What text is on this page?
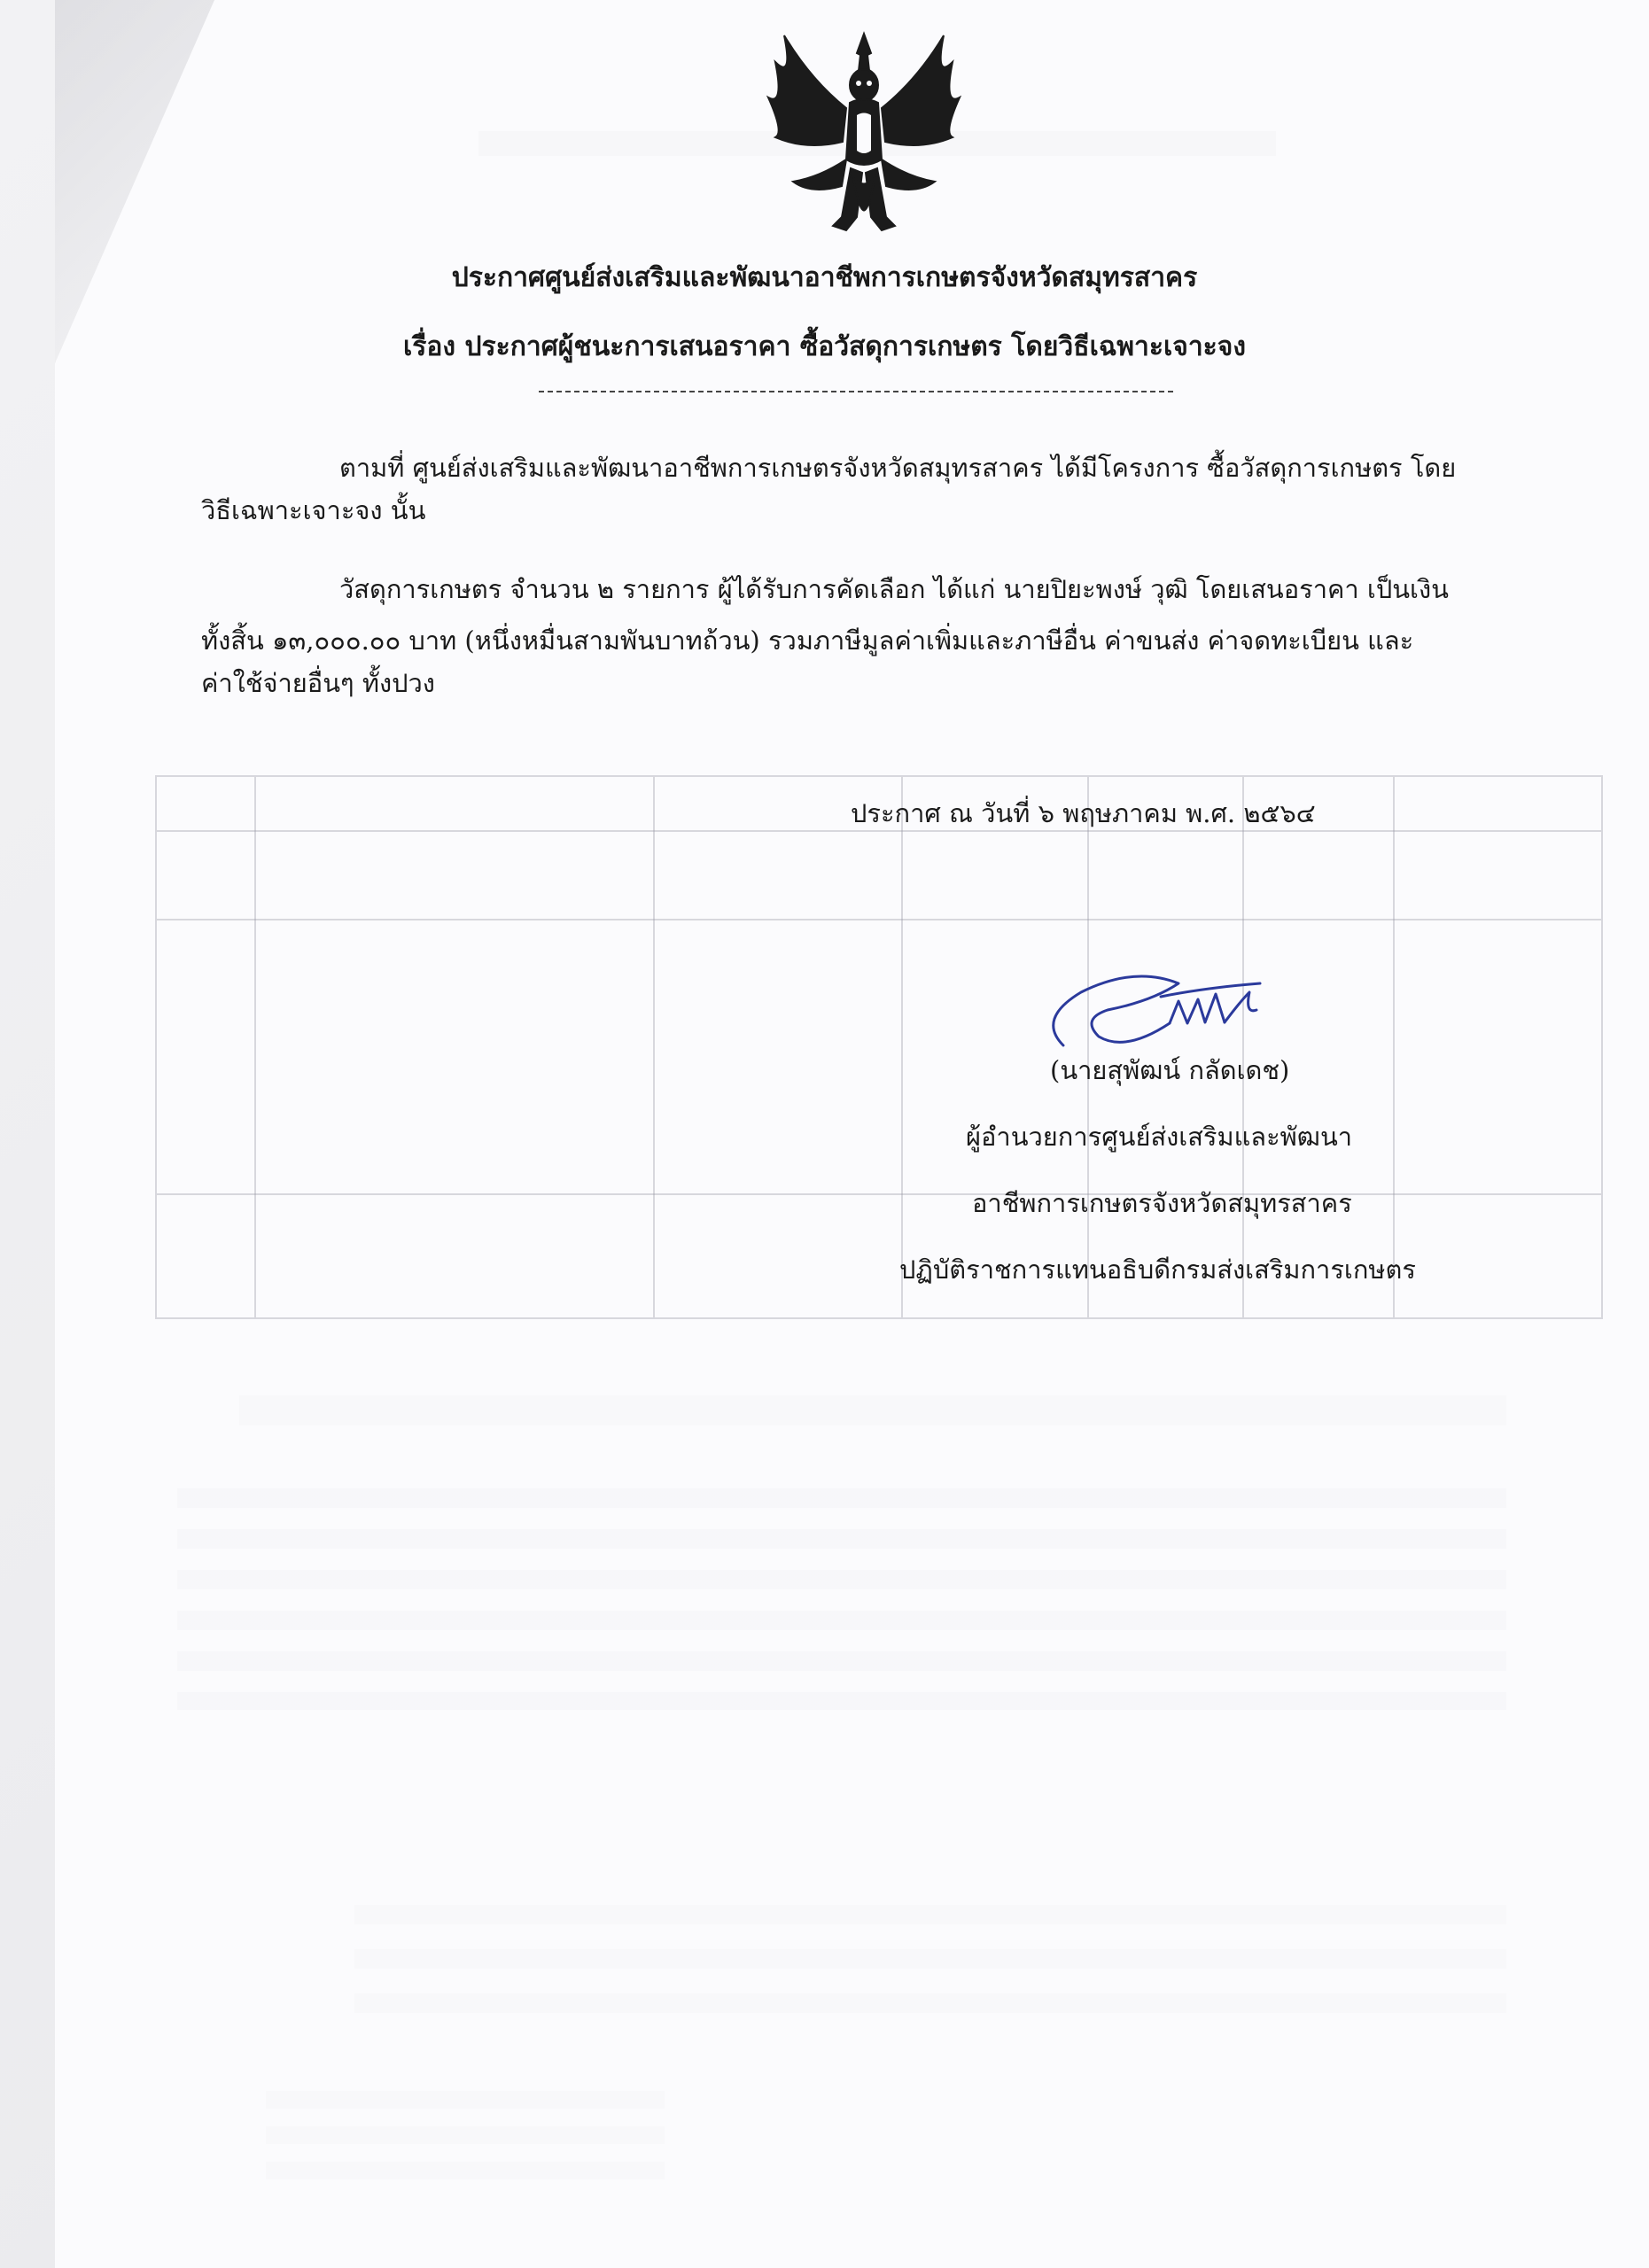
ประกาศศูนย์ส่งเสริมและพัฒนาอาชีพการเกษตรจังหวัดสมุทรสาคร
เรื่อง ประกาศผู้ชนะการเสนอราคา ซื้อวัสดุการเกษตร โดยวิธีเฉพาะเจาะจง
ตามที่ ศูนย์ส่งเสริมและพัฒนาอาชีพการเกษตรจังหวัดสมุทรสาคร ได้มีโครงการ ซื้อวัสดุการเกษตร โดย
วิธีเฉพาะเจาะจง นั้น
วัสดุการเกษตร จำนวน ๒ รายการ ผู้ได้รับการคัดเลือก ได้แก่ นายปิยะพงษ์ วุฒิ โดยเสนอราคา เป็นเงิน
ทั้งสิ้น ๑๓,๐๐๐.๐๐ บาท (หนึ่งหมื่นสามพันบาทถ้วน) รวมภาษีมูลค่าเพิ่มและภาษีอื่น ค่าขนส่ง ค่าจดทะเบียน และ
ค่าใช้จ่ายอื่นๆ ทั้งปวง
ประกาศ ณ วันที่ ๖ พฤษภาคม พ.ศ. ๒๕๖๔
(นายสุพัฒน์ กลัดเดช)
ผู้อำนวยการศูนย์ส่งเสริมและพัฒนา
อาชีพการเกษตรจังหวัดสมุทรสาคร
ปฏิบัติราชการแทนอธิบดีกรมส่งเสริมการเกษตร
